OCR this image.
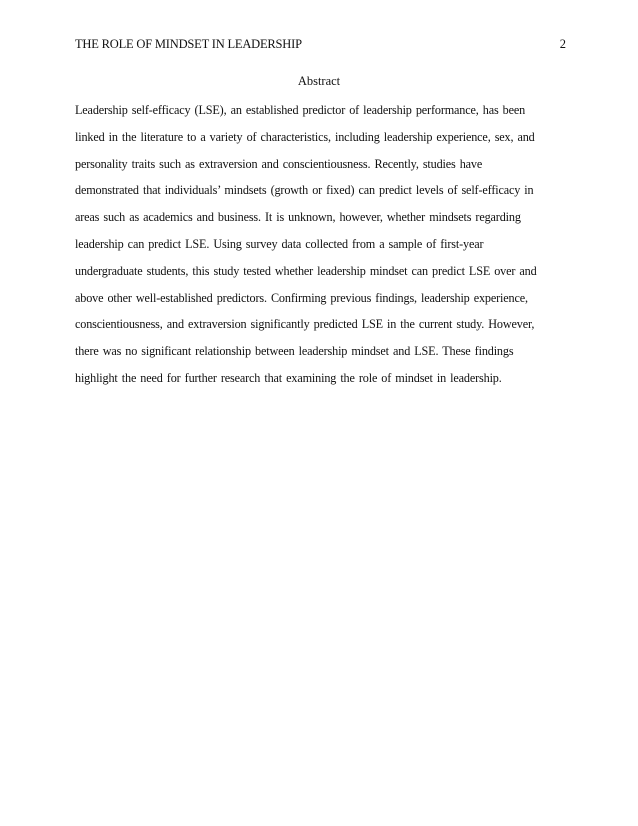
THE ROLE OF MINDSET IN LEADERSHIP	2
Abstract
Leadership self-efficacy (LSE), an established predictor of leadership performance, has been
linked in the literature to a variety of characteristics, including leadership experience, sex, and
personality traits such as extraversion and conscientiousness. Recently, studies have
demonstrated that individuals’ mindsets (growth or fixed) can predict levels of self-efficacy in
areas such as academics and business. It is unknown, however, whether mindsets regarding
leadership can predict LSE. Using survey data collected from a sample of first-year
undergraduate students, this study tested whether leadership mindset can predict LSE over and
above other well-established predictors. Confirming previous findings, leadership experience,
conscientiousness, and extraversion significantly predicted LSE in the current study. However,
there was no significant relationship between leadership mindset and LSE. These findings
highlight the need for further research that examining the role of mindset in leadership.
